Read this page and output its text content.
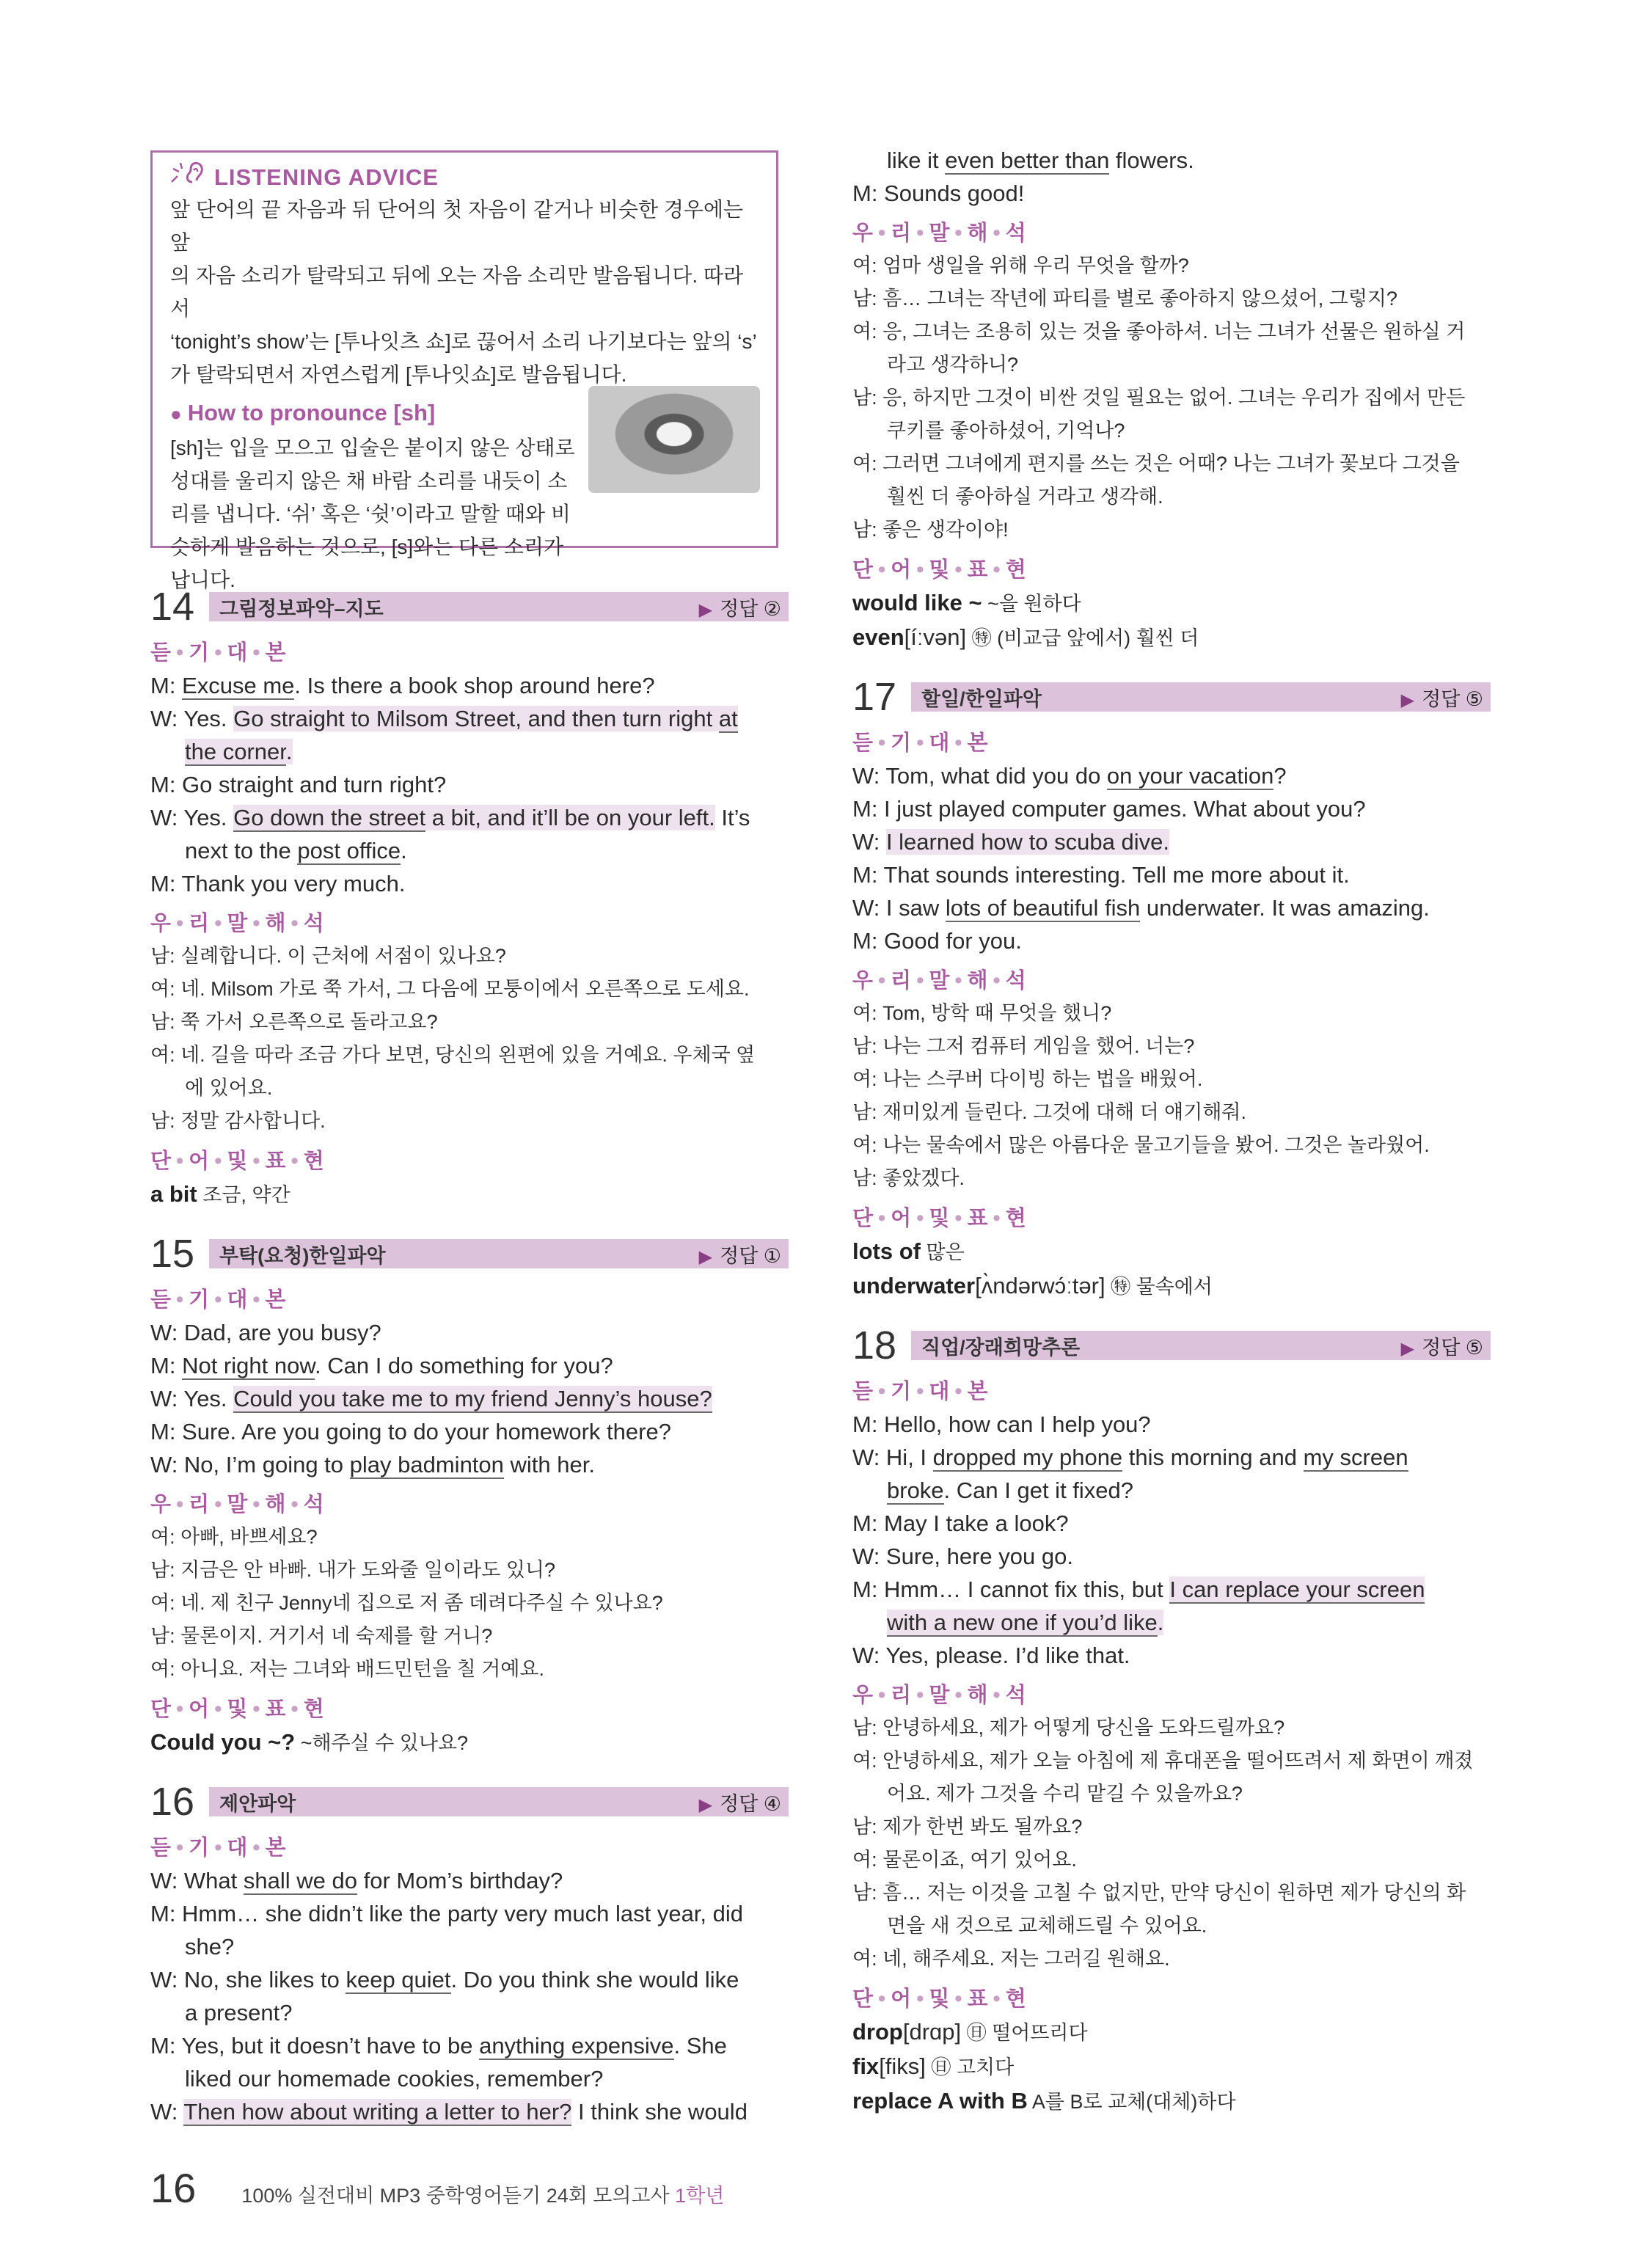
LISTENING ADVICE
앞 단어의 끝 자음과 뒤 단어의 첫 자음이 같거나 비슷한 경우에는 앞
의 자음 소리가 탈락되고 뒤에 오는 자음 소리만 발음됩니다. 따라서
‘tonight’s show’는 [투나잇츠 쇼]로 끊어서 소리 나기보다는 앞의 ‘s’
가 탈락되면서 자연스럽게 [투나잇쇼]로 발음됩니다.
● How to pronounce [sh]
[sh]는 입을 모으고 입술은 붙이지 않은 상태로
성대를 울리지 않은 채 바람 소리를 내듯이 소
리를 냅니다. ‘쉬’ 혹은 ‘쉿’이라고 말할 때와 비
슷하게 발음하는 것으로, [s]와는 다른 소리가
납니다.
14	그림정보파악–지도	▶ 정답 ②
듣 • 기 • 대 • 본
M: Excuse me. Is there a book shop around here?
W: Yes. Go straight to Milsom Street, and then turn right at
the corner.
M: Go straight and turn right?
W: Yes. Go down the street a bit, and it’ll be on your left. It’s
next to the post office.
M: Thank you very much.
우 • 리 • 말 • 해 • 석
남: 실례합니다. 이 근처에 서점이 있나요?
여: 네. Milsom 가로 쭉 가서, 그 다음에 모퉁이에서 오른쪽으로 도세요.
남: 쭉 가서 오른쪽으로 돌라고요?
여: 네. 길을 따라 조금 가다 보면, 당신의 왼편에 있을 거예요. 우체국 옆
에 있어요.
남: 정말 감사합니다.
단 • 어 • 및 • 표 • 현
a bit 조금, 약간
15	부탁(요청)한일파악	▶ 정답 ①
듣 • 기 • 대 • 본
W: Dad, are you busy?
M: Not right now. Can I do something for you?
W: Yes. Could you take me to my friend Jenny’s house?
M: Sure. Are you going to do your homework there?
W: No, I’m going to play badminton with her.
우 • 리 • 말 • 해 • 석
여: 아빠, 바쁘세요?
남: 지금은 안 바빠. 내가 도와줄 일이라도 있니?
여: 네. 제 친구 Jenny네 집으로 저 좀 데려다주실 수 있나요?
남: 물론이지. 거기서 네 숙제를 할 거니?
여: 아니요. 저는 그녀와 배드민턴을 칠 거예요.
단 • 어 • 및 • 표 • 현
Could you ~? ~해주실 수 있나요?
16	제안파악	▶ 정답 ④
듣 • 기 • 대 • 본
W: What shall we do for Mom’s birthday?
M: Hmm… she didn’t like the party very much last year, did
she?
W: No, she likes to keep quiet. Do you think she would like
a present?
M: Yes, but it doesn’t have to be anything expensive. She
liked our homemade cookies, remember?
W: Then how about writing a letter to her? I think she would
like it even better than flowers.
M: Sounds good!
우 • 리 • 말 • 해 • 석
여: 엄마 생일을 위해 우리 무엇을 할까?
남: 흠… 그녀는 작년에 파티를 별로 좋아하지 않으셨어, 그렇지?
여: 응, 그녀는 조용히 있는 것을 좋아하셔. 너는 그녀가 선물은 원하실 거
라고 생각하니?
남: 응, 하지만 그것이 비싼 것일 필요는 없어. 그녀는 우리가 집에서 만든
쿠키를 좋아하셨어, 기억나?
여: 그러면 그녀에게 편지를 쓰는 것은 어때? 나는 그녀가 꽃보다 그것을
훨씬 더 좋아하실 거라고 생각해.
남: 좋은 생각이야!
단 • 어 • 및 • 표 • 현
would like ~ ~을 원하다
even[íːvən] ㊕ (비교급 앞에서) 훨씬 더
17	할일/한일파악	▶ 정답 ⑤
듣 • 기 • 대 • 본
W: Tom, what did you do on your vacation?
M: I just played computer games. What about you?
W: I learned how to scuba dive.
M: That sounds interesting. Tell me more about it.
W: I saw lots of beautiful fish underwater. It was amazing.
M: Good for you.
우 • 리 • 말 • 해 • 석
여: Tom, 방학 때 무엇을 했니?
남: 나는 그저 컴퓨터 게임을 했어. 너는?
여: 나는 스쿠버 다이빙 하는 법을 배웠어.
남: 재미있게 들린다. 그것에 대해 더 얘기해줘.
여: 나는 물속에서 많은 아름다운 물고기들을 봤어. 그것은 놀라웠어.
남: 좋았겠다.
단 • 어 • 및 • 표 • 현
lots of 많은
underwater[ʌ̀ndərwɔ́ːtər] ㊕ 물속에서
18	직업/장래희망추론	▶ 정답 ⑤
듣 • 기 • 대 • 본
M: Hello, how can I help you?
W: Hi, I dropped my phone this morning and my screen
broke. Can I get it fixed?
M: May I take a look?
W: Sure, here you go.
M: Hmm… I cannot fix this, but I can replace your screen
with a new one if you’d like.
W: Yes, please. I’d like that.
우 • 리 • 말 • 해 • 석
남: 안녕하세요, 제가 어떻게 당신을 도와드릴까요?
여: 안녕하세요, 제가 오늘 아침에 제 휴대폰을 떨어뜨려서 제 화면이 깨졌
어요. 제가 그것을 수리 맡길 수 있을까요?
남: 제가 한번 봐도 될까요?
여: 물론이죠, 여기 있어요.
남: 흠… 저는 이것을 고칠 수 없지만, 만약 당신이 원하면 제가 당신의 화
면을 새 것으로 교체해드릴 수 있어요.
여: 네, 해주세요. 저는 그러길 원해요.
단 • 어 • 및 • 표 • 현
drop[drɑp] ㊐ 떨어뜨리다
fix[fiks] ㊐ 고치다
replace A with B A를 B로 교체(대체)하다
16 100% 실전대비 MP3 중학영어듣기 24회 모의고사 1학년
